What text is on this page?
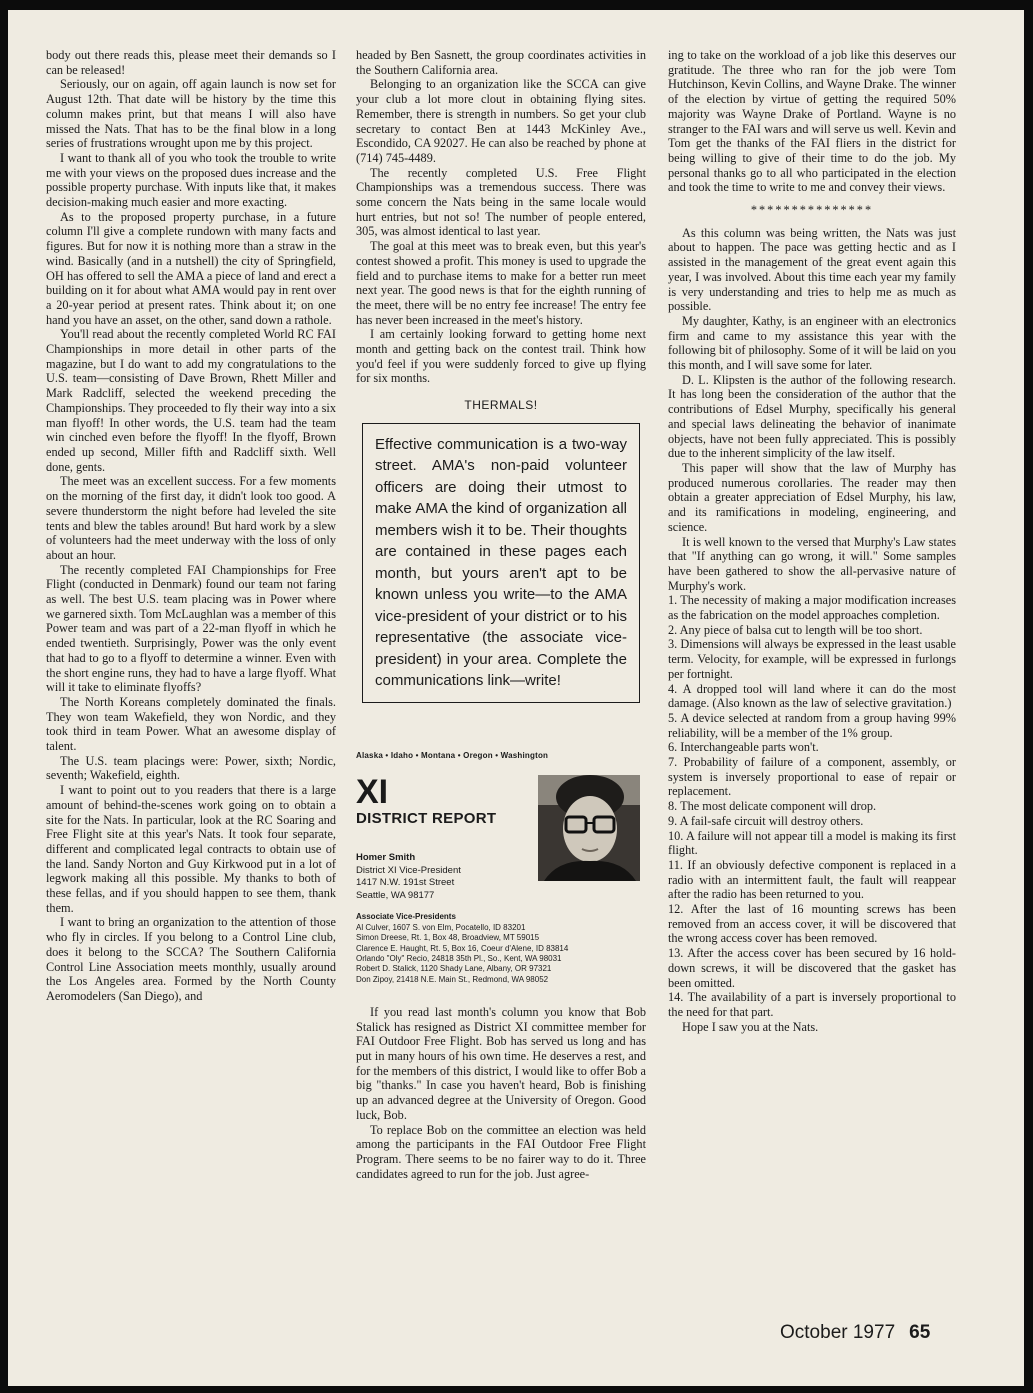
body out there reads this, please meet their demands so I can be released!

Seriously, our on again, off again launch is now set for August 12th. That date will be history by the time this column makes print, but that means I will also have missed the Nats. That has to be the final blow in a long series of frustrations wrought upon me by this project.

I want to thank all of you who took the trouble to write me with your views on the proposed dues increase and the possible property purchase. With inputs like that, it makes decision-making much easier and more exacting.

As to the proposed property purchase, in a future column I'll give a complete rundown with many facts and figures. But for now it is nothing more than a straw in the wind. Basically (and in a nutshell) the city of Springfield, OH has offered to sell the AMA a piece of land and erect a building on it for about what AMA would pay in rent over a 20-year period at present rates. Think about it; on one hand you have an asset, on the other, sand down a rathole.

You'll read about the recently completed World RC FAI Championships in more detail in other parts of the magazine, but I do want to add my congratulations to the U.S. team—consisting of Dave Brown, Rhett Miller and Mark Radcliff, selected the weekend preceding the Championships. They proceeded to fly their way into a six man flyoff! In other words, the U.S. team had the team win cinched even before the flyoff! In the flyoff, Brown ended up second, Miller fifth and Radcliff sixth. Well done, gents.

The meet was an excellent success. For a few moments on the morning of the first day, it didn't look too good. A severe thunderstorm the night before had leveled the site tents and blew the tables around! But hard work by a slew of volunteers had the meet underway with the loss of only about an hour.

The recently completed FAI Championships for Free Flight (conducted in Denmark) found our team not faring as well. The best U.S. team placing was in Power where we garnered sixth. Tom McLaughlan was a member of this Power team and was part of a 22-man flyoff in which he ended twentieth. Surprisingly, Power was the only event that had to go to a flyoff to determine a winner. Even with the short engine runs, they had to have a large flyoff. What will it take to eliminate flyoffs?

The North Koreans completely dominated the finals. They won team Wakefield, they won Nordic, and they took third in team Power. What an awesome display of talent.

The U.S. team placings were: Power, sixth; Nordic, seventh; Wakefield, eighth.

I want to point out to you readers that there is a large amount of behind-the-scenes work going on to obtain a site for the Nats. In particular, look at the RC Soaring and Free Flight site at this year's Nats. It took four separate, different and complicated legal contracts to obtain use of the land. Sandy Norton and Guy Kirkwood put in a lot of legwork making all this possible. My thanks to both of these fellas, and if you should happen to see them, thank them.

I want to bring an organization to the attention of those who fly in circles. If you belong to a Control Line club, does it belong to the SCCA? The Southern California Control Line Association meets monthly, usually around the Los Angeles area. Formed by the North County Aeromodelers (San Diego), and

headed by Ben Sasnett, the group coordinates activities in the Southern California area.

Belonging to an organization like the SCCA can give your club a lot more clout in obtaining flying sites. Remember, there is strength in numbers. So get your club secretary to contact Ben at 1443 McKinley Ave., Escondido, CA 92027. He can also be reached by phone at (714) 745-4489.

The recently completed U.S. Free Flight Championships was a tremendous success. There was some concern the Nats being in the same locale would hurt entries, but not so! The number of people entered, 305, was almost identical to last year.

The goal at this meet was to break even, but this year's contest showed a profit. This money is used to upgrade the field and to purchase items to make for a better run meet next year. The good news is that for the eighth running of the meet, there will be no entry fee increase! The entry fee has never been increased in the meet's history.

I am certainly looking forward to getting home next month and getting back on the contest trail. Think how you'd feel if you were suddenly forced to give up flying for six months.

THERMALS!

Effective communication is a two-way street. AMA's non-paid volunteer officers are doing their utmost to make AMA the kind of organization all members wish it to be. Their thoughts are contained in these pages each month, but yours aren't apt to be known unless you write—to the AMA vice-president of your district or to his representative (the associate vice-president) in your area. Complete the communications link—write!

Alaska • Idaho • Montana • Oregon • Washington
XI
DISTRICT REPORT
Homer Smith
District XI Vice-President
1417 N.W. 191st Street
Seattle, WA 98177
Associate Vice-Presidents
Al Culver, 1607 S. von Elm, Pocatello, ID 83201
Simon Dreese, Rt. 1, Box 48, Broadview, MT 59015
Clarence E. Haught, Rt. 5, Box 16, Coeur d'Alene, ID 83814
Orlando "Oly" Recio, 24818 35th Pl., So., Kent, WA 98031
Robert D. Stalick, 1120 Shady Lane, Albany, OR 97321
Don Zipoy, 21418 N.E. Main St., Redmond, WA 98052

If you read last month's column you know that Bob Stalick has resigned as District XI committee member for FAI Outdoor Free Flight. Bob has served us long and has put in many hours of his own time. He deserves a rest, and for the members of this district, I would like to offer Bob a big "thanks." In case you haven't heard, Bob is finishing up an advanced degree at the University of Oregon. Good luck, Bob.

To replace Bob on the committee an election was held among the participants in the FAI Outdoor Free Flight Program. There seems to be no fairer way to do it. Three candidates agreed to run for the job. Just agree-

ing to take on the workload of a job like this deserves our gratitude. The three who ran for the job were Tom Hutchinson, Kevin Collins, and Wayne Drake. The winner of the election by virtue of getting the required 50% majority was Wayne Drake of Portland. Wayne is no stranger to the FAI wars and will serve us well. Kevin and Tom get the thanks of the FAI fliers in the district for being willing to give of their time to do the job. My personal thanks go to all who participated in the election and took the time to write to me and convey their views.

***************

As this column was being written, the Nats was just about to happen. The pace was getting hectic and as I assisted in the management of the great event again this year, I was involved. About this time each year my family is very understanding and tries to help me as much as possible.

My daughter, Kathy, is an engineer with an electronics firm and came to my assistance this year with the following bit of philosophy. Some of it will be laid on you this month, and I will save some for later.

D. L. Klipsten is the author of the following research. It has long been the consideration of the author that the contributions of Edsel Murphy, specifically his general and special laws delineating the behavior of inanimate objects, have not been fully appreciated. This is possibly due to the inherent simplicity of the law itself.

This paper will show that the law of Murphy has produced numerous corollaries. The reader may then obtain a greater appreciation of Edsel Murphy, his law, and its ramifications in modeling, engineering, and science.

It is well known to the versed that Murphy's Law states that "If anything can go wrong, it will." Some samples have been gathered to show the all-pervasive nature of Murphy's work.

1. The necessity of making a major modification increases as the fabrication on the model approaches completion.

2. Any piece of balsa cut to length will be too short.

3. Dimensions will always be expressed in the least usable term. Velocity, for example, will be expressed in furlongs per fortnight.

4. A dropped tool will land where it can do the most damage. (Also known as the law of selective gravitation.)

5. A device selected at random from a group having 99% reliability, will be a member of the 1% group.

6. Interchangeable parts won't.

7. Probability of failure of a component, assembly, or system is inversely proportional to ease of repair or replacement.

8. The most delicate component will drop.

9. A fail-safe circuit will destroy others.

10. A failure will not appear till a model is making its first flight.

11. If an obviously defective component is replaced in a radio with an intermittent fault, the fault will reappear after the radio has been returned to you.

12. After the last of 16 mounting screws has been removed from an access cover, it will be discovered that the wrong access cover has been removed.

13. After the access cover has been secured by 16 hold-down screws, it will be discovered that the gasket has been omitted.

14. The availability of a part is inversely proportional to the need for that part.

Hope I saw you at the Nats.

October 1977 65
